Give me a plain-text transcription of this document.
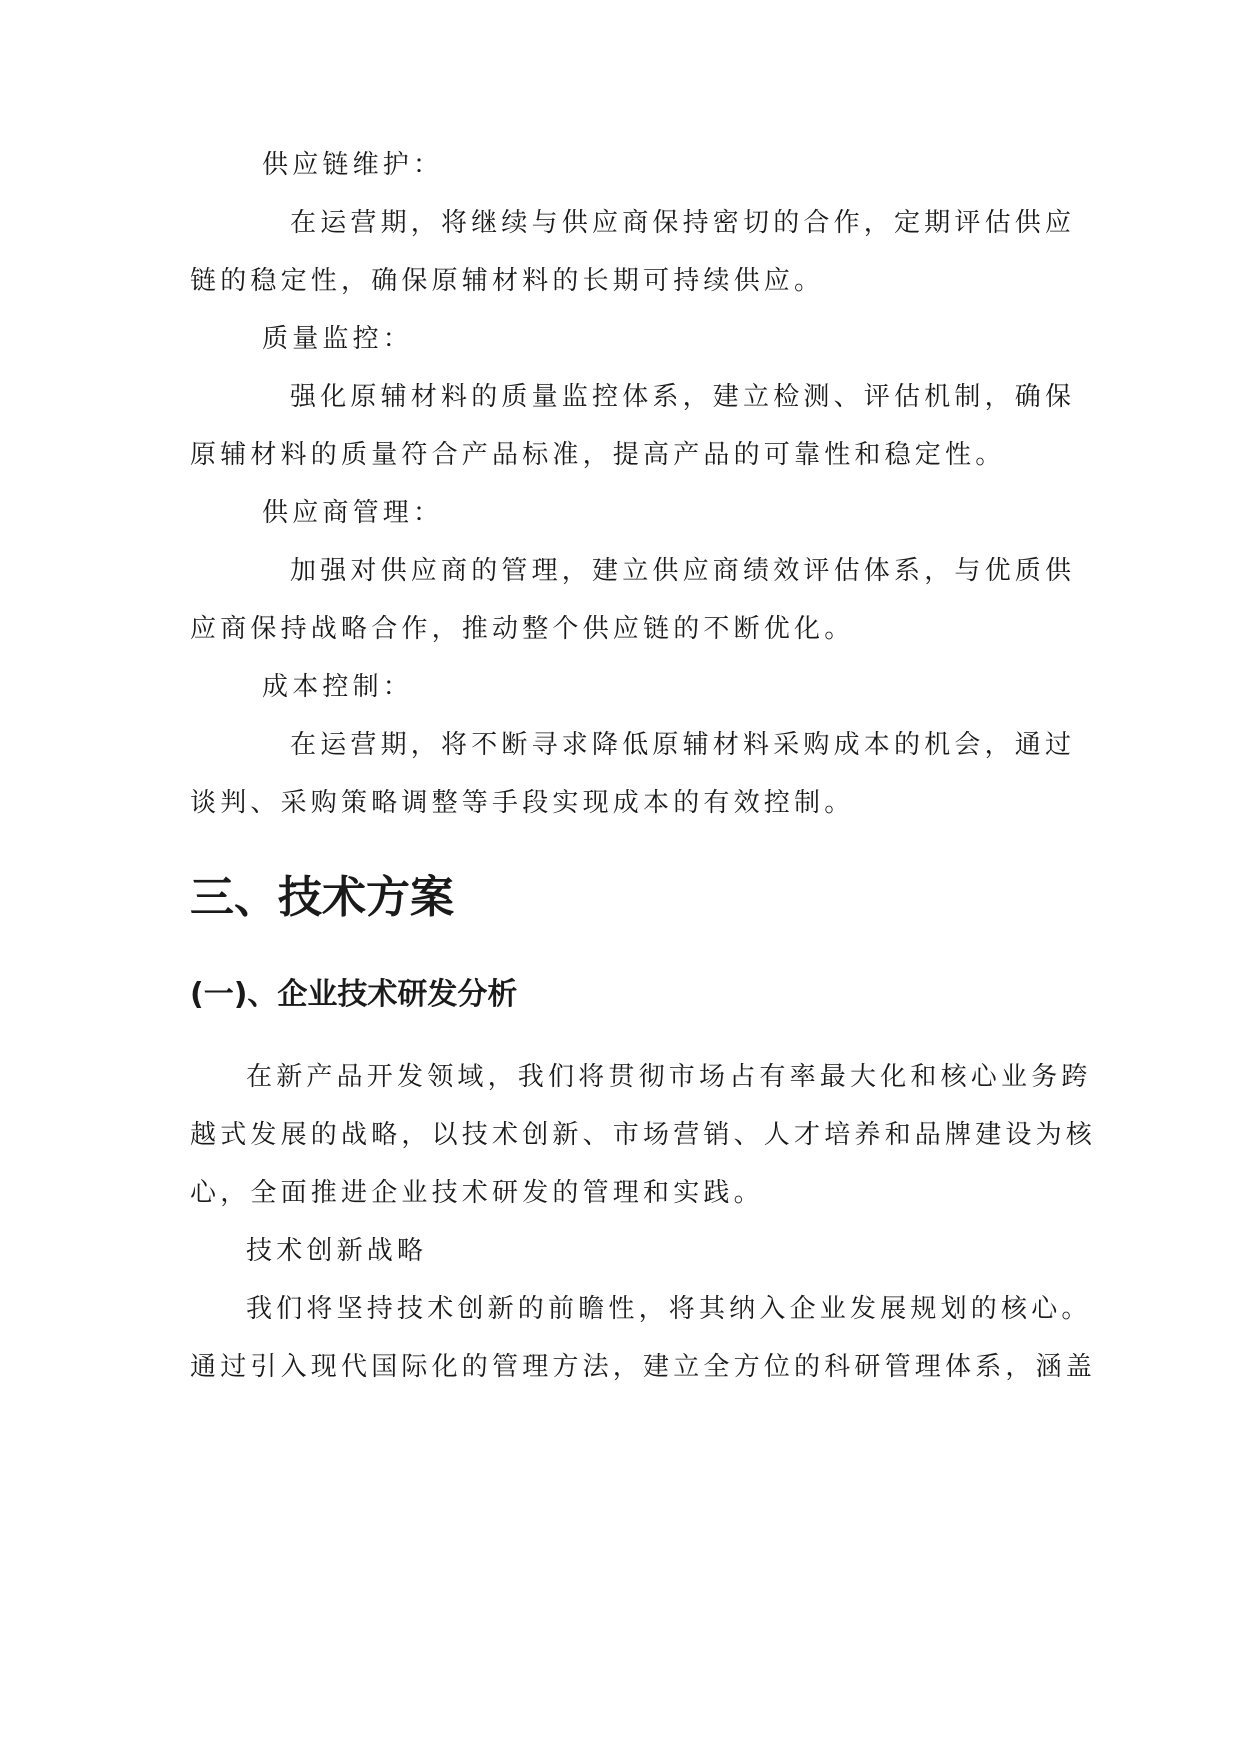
供应链维护：
在运营期，将继续与供应商保持密切的合作，定期评估供应
链的稳定性，确保原辅材料的长期可持续供应。
质量监控：
强化原辅材料的质量监控体系，建立检测、评估机制，确保
原辅材料的质量符合产品标准，提高产品的可靠性和稳定性。
供应商管理：
加强对供应商的管理，建立供应商绩效评估体系，与优质供
应商保持战略合作，推动整个供应链的不断优化。
成本控制：
在运营期，将不断寻求降低原辅材料采购成本的机会，通过
谈判、采购策略调整等手段实现成本的有效控制。
三、技术方案
(一)、企业技术研发分析
在新产品开发领域，我们将贯彻市场占有率最大化和核心业务跨
越式发展的战略，以技术创新、市场营销、人才培养和品牌建设为核
心，全面推进企业技术研发的管理和实践。
技术创新战略
我们将坚持技术创新的前瞻性，将其纳入企业发展规划的核心。
通过引入现代国际化的管理方法，建立全方位的科研管理体系，涵盖
